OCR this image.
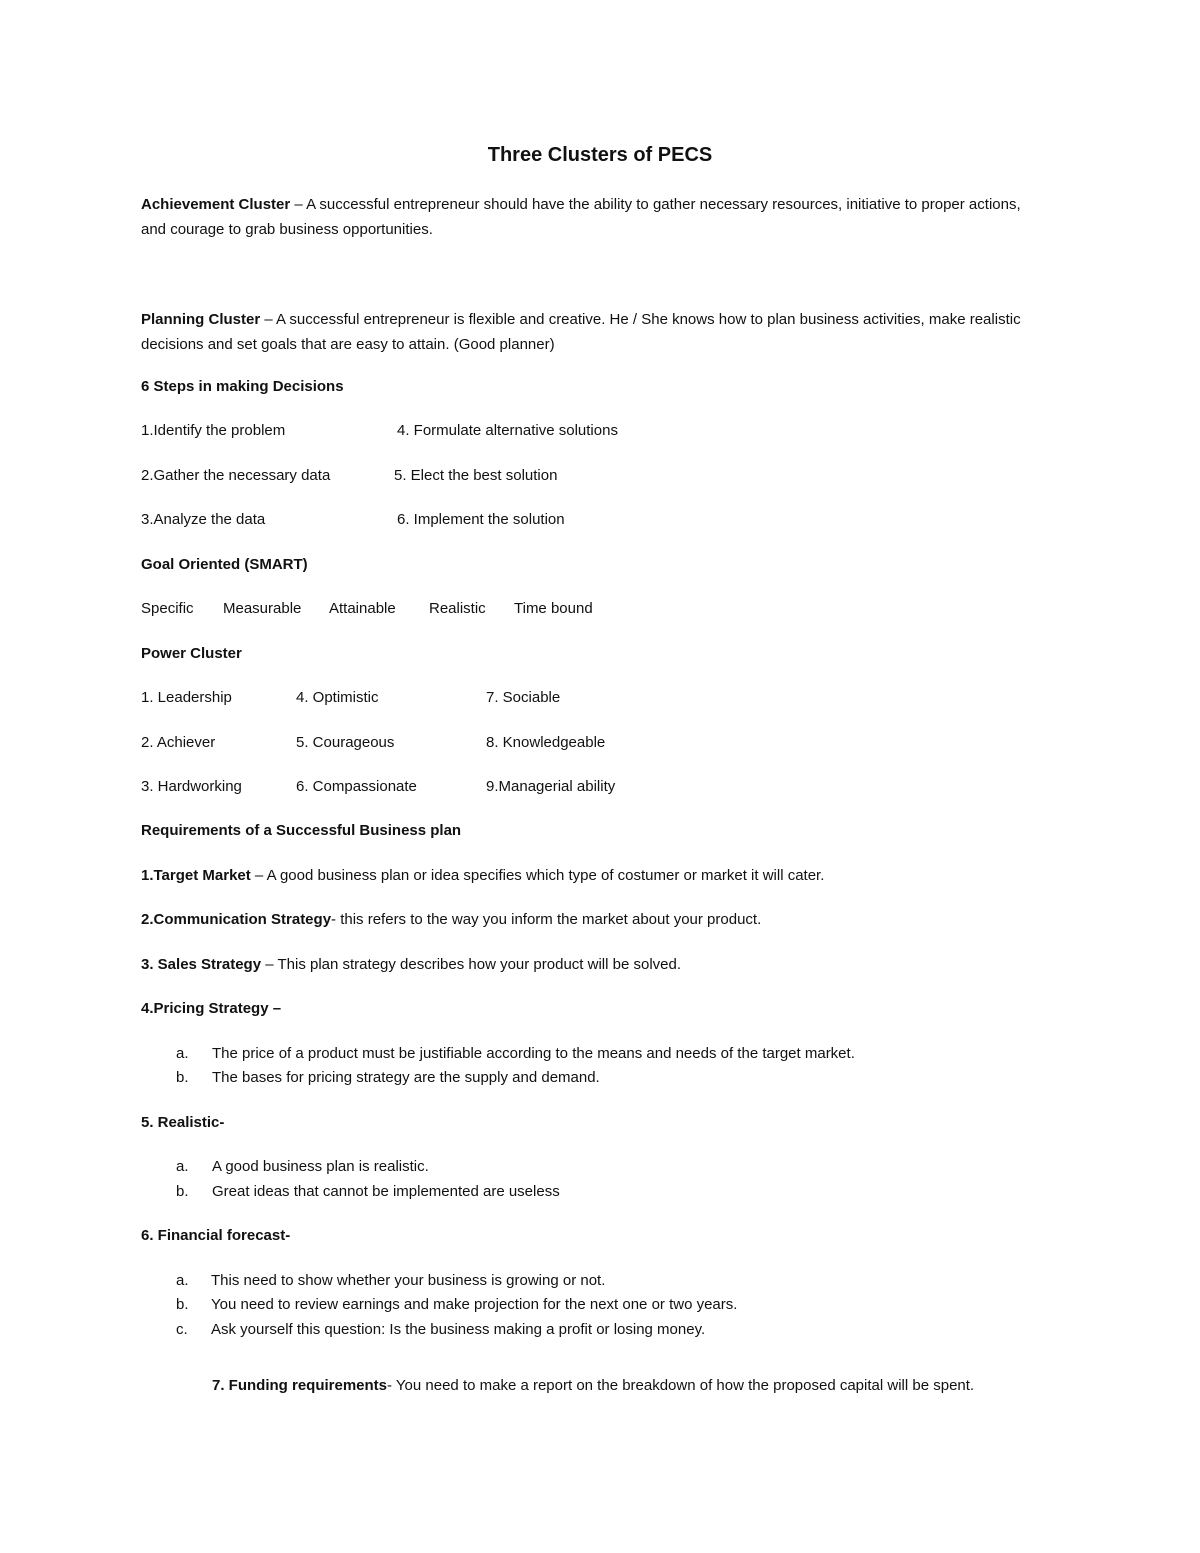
Three Clusters of PECS
Achievement Cluster – A successful entrepreneur should have the ability to gather necessary resources, initiative to proper actions, and courage to grab business opportunities.
Planning Cluster – A successful entrepreneur is flexible and creative. He / She knows how to plan business activities, make realistic decisions and set goals that are easy to attain. (Good planner)
6 Steps in making Decisions
1.Identify the problem
2.Gather the necessary data
3.Analyze the data
4. Formulate alternative solutions
5. Elect the best solution
6. Implement the solution
Goal Oriented (SMART)
Specific Measurable Attainable Realistic Time bound
Power Cluster
1. Leadership
2. Achiever
3. Hardworking
4. Optimistic
5. Courageous
6. Compassionate
7. Sociable
8. Knowledgeable
9.Managerial ability
Requirements of a Successful Business plan
1.Target Market – A good business plan or idea specifies which type of costumer or market it will cater.
2.Communication Strategy- this refers to the way you inform the market about your product.
3. Sales Strategy – This plan strategy describes how your product will be solved.
4.Pricing Strategy –
a. The price of a product must be justifiable according to the means and needs of the target market.
b. The bases for pricing strategy are the supply and demand.
5. Realistic-
a. A good business plan is realistic.
b. Great ideas that cannot be implemented are useless
6. Financial forecast-
a. This need to show whether your business is growing or not.
b. You need to review earnings and make projection for the next one or two years.
c. Ask yourself this question: Is the business making a profit or losing money.
7. Funding requirements- You need to make a report on the breakdown of how the proposed capital will be spent.
